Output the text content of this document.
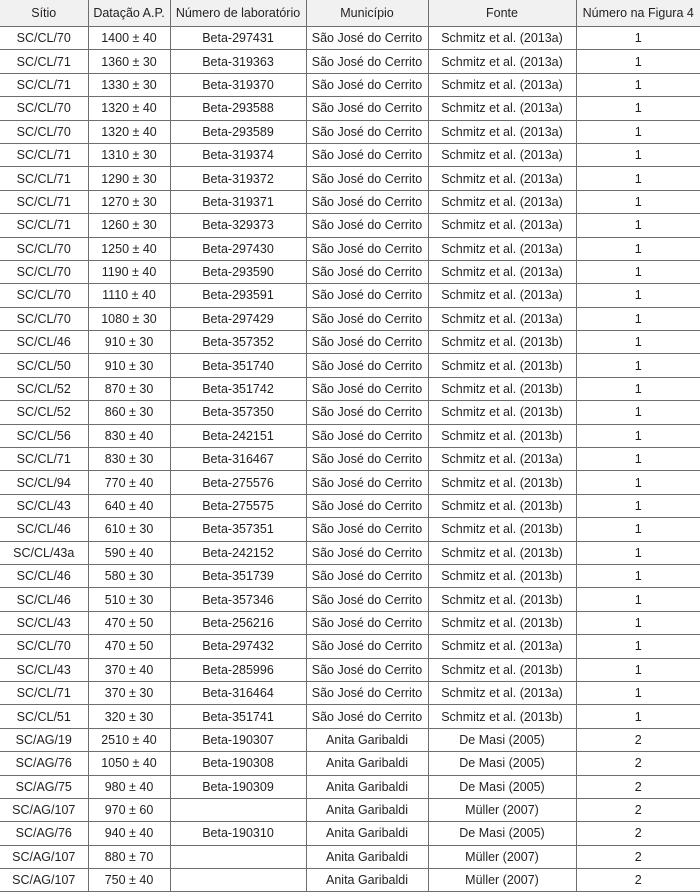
Sítio	Datação A.P.	Número de laboratório	Município	Fonte	Número na Figura 4
SC/CL/70	1400 ± 40	Beta-297431	São José do Cerrito	Schmitz et al. (2013a)	1
SC/CL/71	1360 ± 30	Beta-319363	São José do Cerrito	Schmitz et al. (2013a)	1
SC/CL/71	1330 ± 30	Beta-319370	São José do Cerrito	Schmitz et al. (2013a)	1
SC/CL/70	1320 ± 40	Beta-293588	São José do Cerrito	Schmitz et al. (2013a)	1
SC/CL/70	1320 ± 40	Beta-293589	São José do Cerrito	Schmitz et al. (2013a)	1
SC/CL/71	1310 ± 30	Beta-319374	São José do Cerrito	Schmitz et al. (2013a)	1
SC/CL/71	1290 ± 30	Beta-319372	São José do Cerrito	Schmitz et al. (2013a)	1
SC/CL/71	1270 ± 30	Beta-319371	São José do Cerrito	Schmitz et al. (2013a)	1
SC/CL/71	1260 ± 30	Beta-329373	São José do Cerrito	Schmitz et al. (2013a)	1
SC/CL/70	1250 ± 40	Beta-297430	São José do Cerrito	Schmitz et al. (2013a)	1
SC/CL/70	1190 ± 40	Beta-293590	São José do Cerrito	Schmitz et al. (2013a)	1
SC/CL/70	1110 ± 40	Beta-293591	São José do Cerrito	Schmitz et al. (2013a)	1
SC/CL/70	1080 ± 30	Beta-297429	São José do Cerrito	Schmitz et al. (2013a)	1
SC/CL/46	910 ± 30	Beta-357352	São José do Cerrito	Schmitz et al. (2013b)	1
SC/CL/50	910 ± 30	Beta-351740	São José do Cerrito	Schmitz et al. (2013b)	1
SC/CL/52	870 ± 30	Beta-351742	São José do Cerrito	Schmitz et al. (2013b)	1
SC/CL/52	860 ± 30	Beta-357350	São José do Cerrito	Schmitz et al. (2013b)	1
SC/CL/56	830 ± 40	Beta-242151	São José do Cerrito	Schmitz et al. (2013b)	1
SC/CL/71	830 ± 30	Beta-316467	São José do Cerrito	Schmitz et al. (2013a)	1
SC/CL/94	770 ± 40	Beta-275576	São José do Cerrito	Schmitz et al. (2013b)	1
SC/CL/43	640 ± 40	Beta-275575	São José do Cerrito	Schmitz et al. (2013b)	1
SC/CL/46	610 ± 30	Beta-357351	São José do Cerrito	Schmitz et al. (2013b)	1
SC/CL/43a	590 ± 40	Beta-242152	São José do Cerrito	Schmitz et al. (2013b)	1
SC/CL/46	580 ± 30	Beta-351739	São José do Cerrito	Schmitz et al. (2013b)	1
SC/CL/46	510 ± 30	Beta-357346	São José do Cerrito	Schmitz et al. (2013b)	1
SC/CL/43	470 ± 50	Beta-256216	São José do Cerrito	Schmitz et al. (2013b)	1
SC/CL/70	470 ± 50	Beta-297432	São José do Cerrito	Schmitz et al. (2013a)	1
SC/CL/43	370 ± 40	Beta-285996	São José do Cerrito	Schmitz et al. (2013b)	1
SC/CL/71	370 ± 30	Beta-316464	São José do Cerrito	Schmitz et al. (2013a)	1
SC/CL/51	320 ± 30	Beta-351741	São José do Cerrito	Schmitz et al. (2013b)	1
SC/AG/19	2510 ± 40	Beta-190307	Anita Garibaldi	De Masi (2005)	2
SC/AG/76	1050 ± 40	Beta-190308	Anita Garibaldi	De Masi (2005)	2
SC/AG/75	980 ± 40	Beta-190309	Anita Garibaldi	De Masi (2005)	2
SC/AG/107	970 ± 60		Anita Garibaldi	Müller (2007)	2
SC/AG/76	940 ± 40	Beta-190310	Anita Garibaldi	De Masi (2005)	2
SC/AG/107	880 ± 70		Anita Garibaldi	Müller (2007)	2
SC/AG/107	750 ± 40		Anita Garibaldi	Müller (2007)	2
